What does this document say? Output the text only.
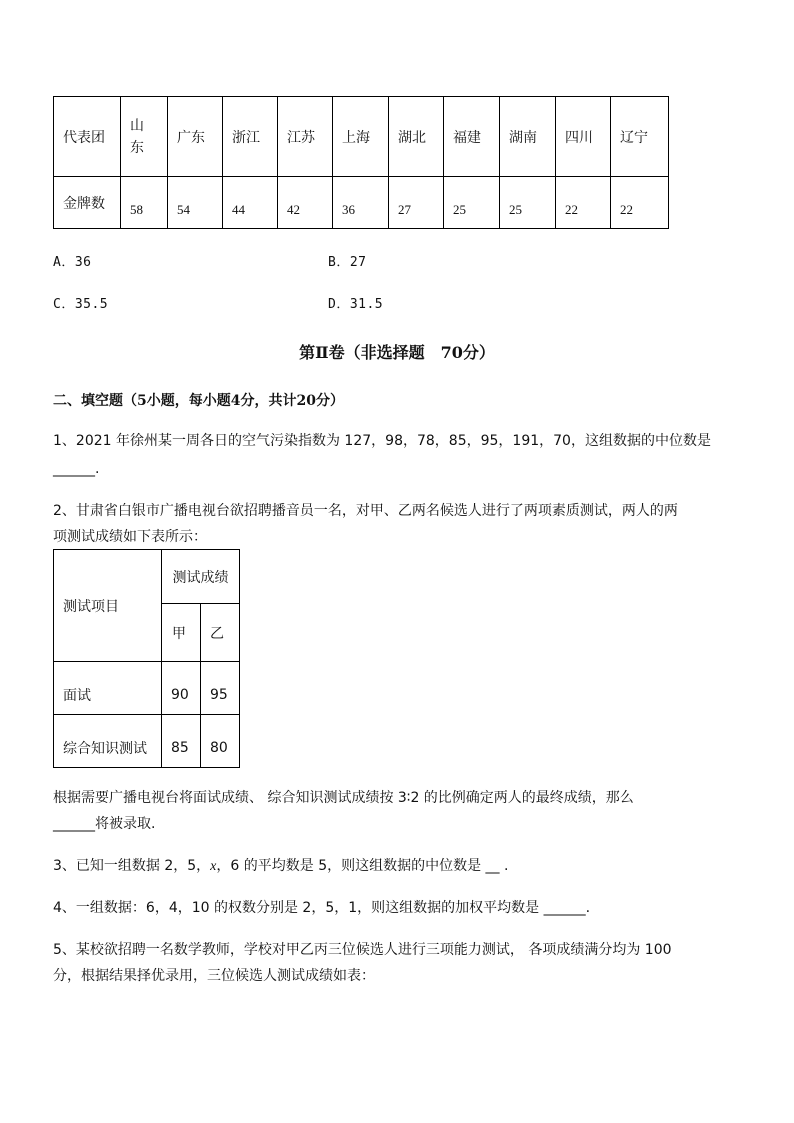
代表团	山东	广东	浙江	江苏	上海	湖北	福建	湖南	四川	辽宁
金牌数	58	54	44	42	36	27	25	25	22	22
A．36	B．27
C．35.5	D．31.5
第Ⅱ卷（非选择题　70分）
二、填空题（5小题，每小题4分，共计20分）
1、2021 年徐州某一周各日的空气污染指数为 127，98，78，85，95，191，70，这组数据的中位数是
______.
2、甘肃省白银市广播电视台欲招聘播音员一名，对甲、乙两名候选人进行了两项素质测试，两人的两
项测试成绩如下表所示：
测试项目	测试成绩	
	甲	乙
面试	90	95
综合知识测试	85	80
根据需要广播电视台将面试成绩、 综合知识测试成绩按 3∶2 的比例确定两人的最终成绩，那么
______将被录取.
3、已知一组数据 2，5，x，6 的平均数是 5，则这组数据的中位数是 __ .
4、一组数据：6，4，10 的权数分别是 2，5，1，则这组数据的加权平均数是 ______.
5、某校欲招聘一名数学教师，学校对甲乙丙三位候选人进行三项能力测试， 各项成绩满分均为 100
分，根据结果择优录用，三位候选人测试成绩如表：
